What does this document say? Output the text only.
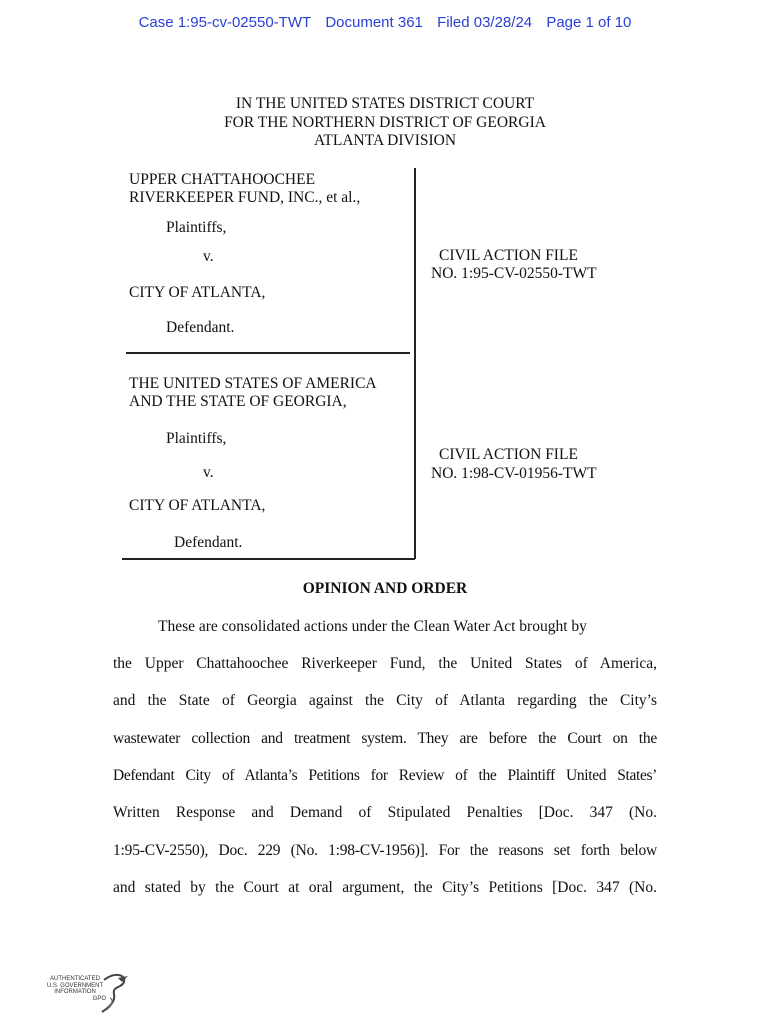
Case 1:95-cv-02550-TWT Document 361 Filed 03/28/24 Page 1 of 10
IN THE UNITED STATES DISTRICT COURT
FOR THE NORTHERN DISTRICT OF GEORGIA
ATLANTA DIVISION
UPPER CHATTAHOOCHEE
RIVERKEEPER FUND, INC., et al.,
Plaintiffs,
v.
CITY OF ATLANTA,
Defendant.
CIVIL ACTION FILE
NO. 1:95-CV-02550-TWT
THE UNITED STATES OF AMERICA
AND THE STATE OF GEORGIA,
Plaintiffs,
v.
CITY OF ATLANTA,
Defendant.
CIVIL ACTION FILE
NO. 1:98-CV-01956-TWT
OPINION AND ORDER
These are consolidated actions under the Clean Water Act brought by
the Upper Chattahoochee Riverkeeper Fund, the United States of America,
and the State of Georgia against the City of Atlanta regarding the City’s
wastewater collection and treatment system. They are before the Court on the
Defendant City of Atlanta’s Petitions for Review of the Plaintiff United States’
Written Response and Demand of Stipulated Penalties [Doc. 347 (No.
1:95-CV-2550), Doc. 229 (No. 1:98-CV-1956)]. For the reasons set forth below
and stated by the Court at oral argument, the City’s Petitions [Doc. 347 (No.
AUTHENTICATED
U.S. GOVERNMENT
INFORMATION
GPO
